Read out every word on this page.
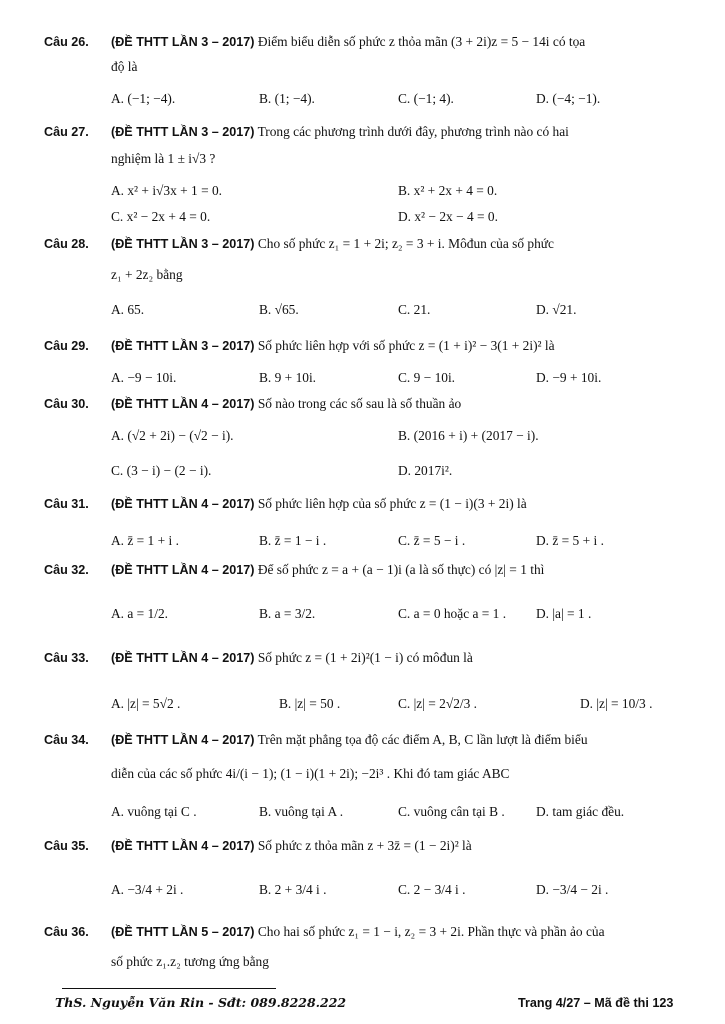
Câu 26. (ĐỀ THTT LẦN 3 – 2017) Điểm biểu diễn số phức z thỏa mãn (3 + 2i)z = 5 − 14i có tọa
độ là
A. (−1; −4).	B. (1; −4).	C. (−1; 4).	D. (−4; −1).
Câu 27. (ĐỀ THTT LẦN 3 – 2017) Trong các phương trình dưới đây, phương trình nào có hai
nghiệm là 1 ± i√3 ?
A. x² + i√3x + 1 = 0.	B. x² + 2x + 4 = 0.
C. x² − 2x + 4 = 0.	D. x² − 2x − 4 = 0.
Câu 28. (ĐỀ THTT LẦN 3 – 2017) Cho số phức z₁ = 1 + 2i; z₂ = 3 + i. Môđun của số phức
z₁ + 2z₂ bằng
A. 65.	B. √65.	C. 21.	D. √21.
Câu 29. (ĐỀ THTT LẦN 3 – 2017) Số phức liên hợp với số phức z = (1 + i)² − 3(1 + 2i)² là
A. −9 − 10i.	B. 9 + 10i.	C. 9 − 10i.	D. −9 + 10i.
Câu 30. (ĐỀ THTT LẦN 4 – 2017) Số nào trong các số sau là số thuần ảo
A. (√2 + 2i) − (√2 − i).	B. (2016 + i) + (2017 − i).
C. (3 − i) − (2 − i).	D. 2017i².
Câu 31. (ĐỀ THTT LẦN 4 – 2017) Số phức liên hợp của số phức z = (1 − i)(3 + 2i) là
A. z̄ = 1 + i .	B. z̄ = 1 − i .	C. z̄ = 5 − i .	D. z̄ = 5 + i .
Câu 32. (ĐỀ THTT LẦN 4 – 2017) Để số phức z = a + (a − 1)i (a là số thực) có |z| = 1 thì
A. a = 1/2.	B. a = 3/2.	C. a = 0 hoặc a = 1 . D. |a| = 1 .
Câu 33. (ĐỀ THTT LẦN 4 – 2017) Số phức z = (1 + 2i)²(1 − i) có môđun là
A. |z| = 5√2 .	B. |z| = 50 .	C. |z| = 2√2/3 .	D. |z| = 10/3 .
Câu 34. (ĐỀ THTT LẦN 4 – 2017) Trên mặt phẳng tọa độ các điểm A, B, C lần lượt là điểm biểu
diễn của các số phức 4i/(i − 1); (1 − i)(1 + 2i); −2i³ . Khi đó tam giác ABC
A. vuông tại C .	B. vuông tại A .	C. vuông cân tại B . D. tam giác đều.
Câu 35. (ĐỀ THTT LẦN 4 – 2017) Số phức z thỏa mãn z + 3z̄ = (1 − 2i)² là
A. −3/4 + 2i .	B. 2 + 3/4 i .	C. 2 − 3/4 i .	D. −3/4 − 2i .
Câu 36. (ĐỀ THTT LẦN 5 – 2017) Cho hai số phức z₁ = 1 − i, z₂ = 3 + 2i. Phần thực và phần ảo của
số phức z₁.z₂ tương ứng bằng
ThS. Nguyễn Văn Rin - Sđt: 089.8228.222	Trang 4/27 – Mã đề thi 123
